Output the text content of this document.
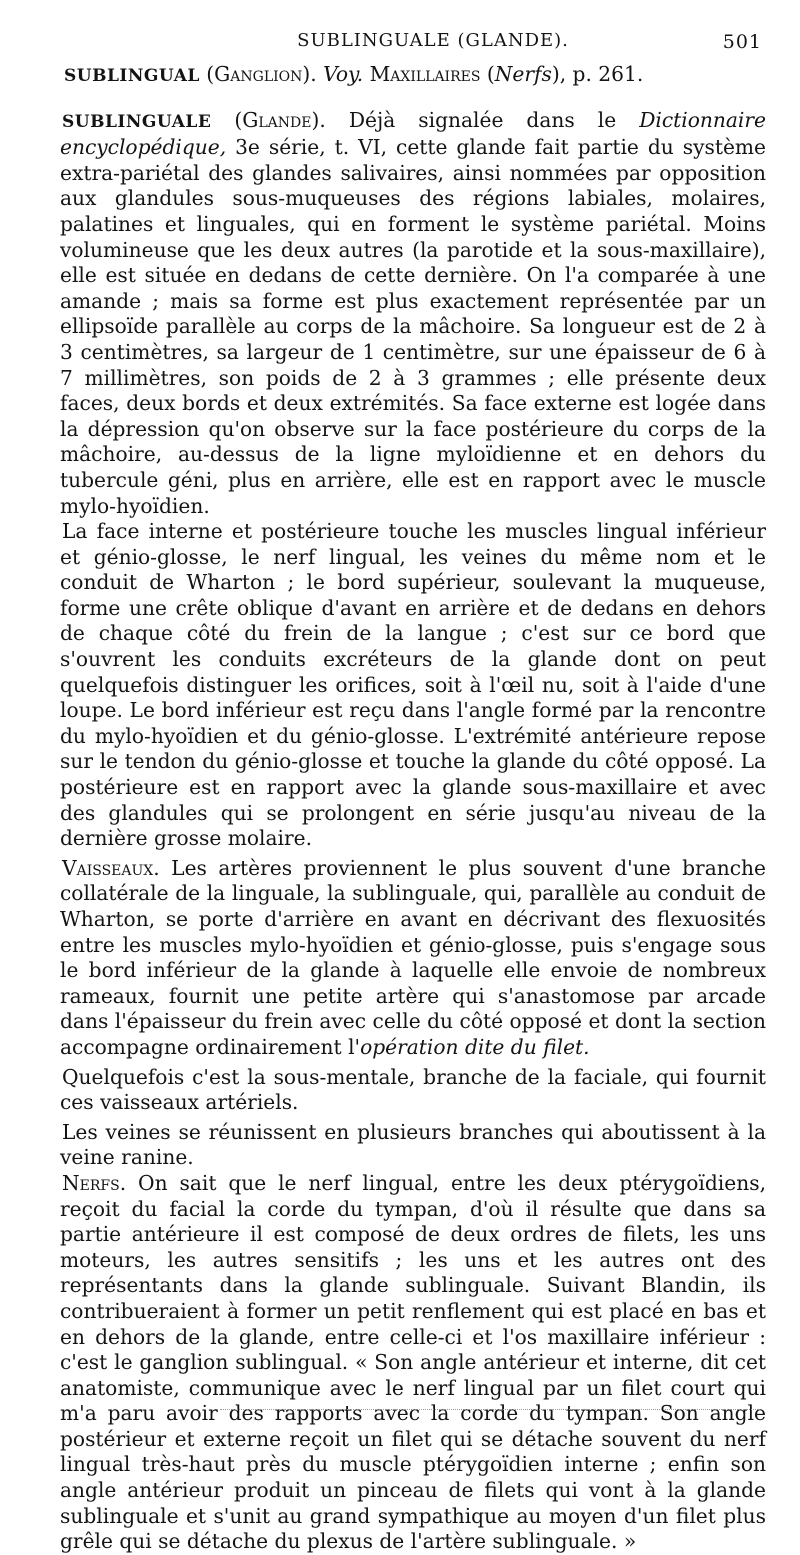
SUBLINGUALE (GLANDE).	501

SUBLINGUAL (Ganglion). Voy. Maxillaires (Nerfs), p. 261.

SUBLINGUALE (Glande). Déjà signalée dans le Dictionnaire encyclopédique, 3e série, t. VI, cette glande fait partie du système extra-pariétal des glandes salivaires, ainsi nommées par opposition aux glandules sous-muqueuses des régions labiales, molaires, palatines et linguales, qui en forment le système pariétal. Moins volumineuse que les deux autres (la parotide et la sous-maxillaire), elle est située en dedans de cette dernière. On l'a comparée à une amande ; mais sa forme est plus exactement représentée par un ellipsoïde parallèle au corps de la mâchoire. Sa longueur est de 2 à 3 centimètres, sa largeur de 1 centimètre, sur une épaisseur de 6 à 7 millimètres, son poids de 2 à 3 grammes ; elle présente deux faces, deux bords et deux extrémités. Sa face externe est logée dans la dépression qu'on observe sur la face postérieure du corps de la mâchoire, au-dessus de la ligne myloïdienne et en dehors du tubercule géni, plus en arrière, elle est en rapport avec le muscle mylo-hyoïdien.

La face interne et postérieure touche les muscles lingual inférieur et génio-glosse, le nerf lingual, les veines du même nom et le conduit de Wharton ; le bord supérieur, soulevant la muqueuse, forme une crête oblique d'avant en arrière et de dedans en dehors de chaque côté du frein de la langue ; c'est sur ce bord que s'ouvrent les conduits excréteurs de la glande dont on peut quelquefois distinguer les orifices, soit à l'œil nu, soit à l'aide d'une loupe. Le bord inférieur est reçu dans l'angle formé par la rencontre du mylo-hyoïdien et du génio-glosse. L'extrémité antérieure repose sur le tendon du génio-glosse et touche la glande du côté opposé. La postérieure est en rapport avec la glande sous-maxillaire et avec des glandules qui se prolongent en série jusqu'au niveau de la dernière grosse molaire.

Vaisseaux. Les artères proviennent le plus souvent d'une branche collatérale de la linguale, la sublinguale, qui, parallèle au conduit de Wharton, se porte d'arrière en avant en décrivant des flexuosités entre les muscles mylo-hyoïdien et génio-glosse, puis s'engage sous le bord inférieur de la glande à laquelle elle envoie de nombreux rameaux, fournit une petite artère qui s'anastomose par arcade dans l'épaisseur du frein avec celle du côté opposé et dont la section accompagne ordinairement l'opération dite du filet.

Quelquefois c'est la sous-mentale, branche de la faciale, qui fournit ces vaisseaux artériels.

Les veines se réunissent en plusieurs branches qui aboutissent à la veine ranine.

Nerfs. On sait que le nerf lingual, entre les deux ptérygoïdiens, reçoit du facial la corde du tympan, d'où il résulte que dans sa partie antérieure il est composé de deux ordres de filets, les uns moteurs, les autres sensitifs ; les uns et les autres ont des représentants dans la glande sublinguale. Suivant Blandin, ils contribueraient à former un petit renflement qui est placé en bas et en dehors de la glande, entre celle-ci et l'os maxillaire inférieur : c'est le ganglion sublingual. « Son angle antérieur et interne, dit cet anatomiste, communique avec le nerf lingual par un filet court qui m'a paru avoir des rapports avec la corde du tympan. Son angle postérieur et externe reçoit un filet qui se détache souvent du nerf lingual très-haut près du muscle ptérygoïdien interne ; enfin son angle antérieur produit un pinceau de filets qui vont à la glande sublinguale et s'unit au grand sympathique au moyen d'un filet plus grêle qui se détache du plexus de l'artère sublinguale. »
